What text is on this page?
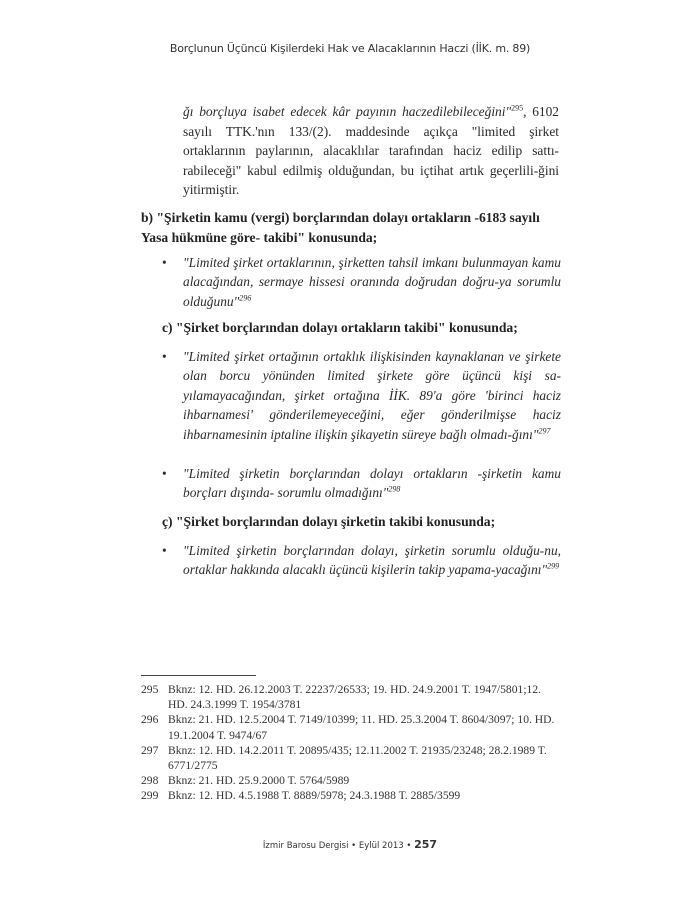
Borçlunun Üçüncü Kişilerdeki Hak ve Alacaklarının Haczi (İİK. m. 89)
ğı borçluya isabet edecek kâr payının haczedilebileceğini"$^{295}$, 6102 sayılı TTK.'nın 133/(2). maddesinde açıkça "limited şirket ortaklarının paylarının, alacaklılar tarafından haciz edilip sattı-rabileceği" kabul edilmiş olduğundan, bu içtihat artık geçerlili-ğini yitirmiştir.
b) "Şirketin kamu (vergi) borçlarından dolayı ortakların -6183 sayılı Yasa hükmüne göre- takibi" konusunda;
• "Limited şirket ortaklarının, şirketten tahsil imkanı bulunmayan kamu alacağından, sermaye hissesi oranında doğrudan doğru-ya sorumlu olduğunu"$^{296}$
c) "Şirket borçlarından dolayı ortakların takibi" konusunda;
• "Limited şirket ortağının ortaklık ilişkisinden kaynaklanan ve şirkete olan borcu yönünden limited şirkete göre üçüncü kişi sa-yılamayacağından, şirket ortağına İİK. 89'a göre 'birinci haciz ihbarnamesi' gönderilemeyeceğini, eğer gönderilmişse haciz ihbarnamesinin iptaline ilişkin şikayetin süreye bağlı olmadı-ğını"$^{297}$
• "Limited şirketin borçlarından dolayı ortakların -şirketin kamu borçları dışında- sorumlu olmadığını"$^{298}$
ç) "Şirket borçlarından dolayı şirketin takibi konusunda;
• "Limited şirketin borçlarından dolayı, şirketin sorumlu olduğu-nu, ortaklar hakkında alacaklı üçüncü kişilerin takip yapama-yacağını"$^{299}$
295 Bknz: 12. HD. 26.12.2003 T. 22237/26533; 19. HD. 24.9.2001 T. 1947/5801;12. HD. 24.3.1999 T. 1954/3781
296 Bknz: 21. HD. 12.5.2004 T. 7149/10399; 11. HD. 25.3.2004 T. 8604/3097; 10. HD. 19.1.2004 T. 9474/67
297 Bknz: 12. HD. 14.2.2011 T. 20895/435; 12.11.2002 T. 21935/23248; 28.2.1989 T. 6771/2775
298 Bknz: 21. HD. 25.9.2000 T. 5764/5989
299 Bknz: 12. HD. 4.5.1988 T. 8889/5978; 24.3.1988 T. 2885/3599
İzmir Barosu Dergisi • Eylül 2013 • 257
